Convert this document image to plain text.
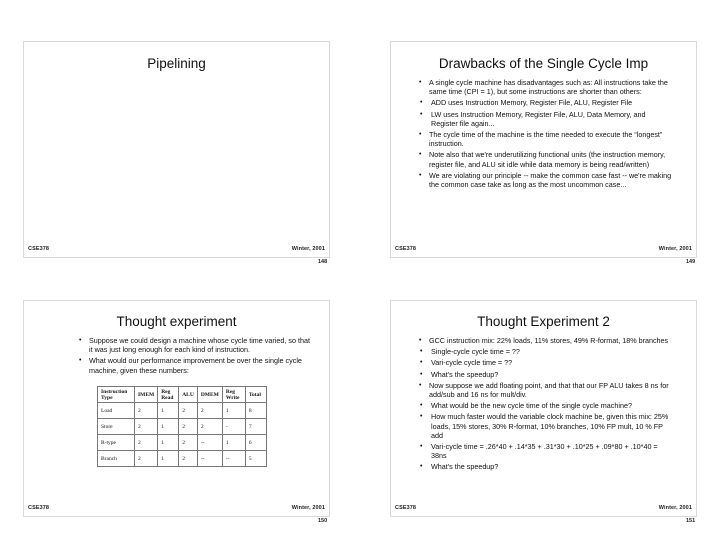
Pipelining
CSE378	Winter, 2001
148
Drawbacks of the Single Cycle Imp
• A single cycle machine has disadvantages such as: All instructions take the same time (CPI = 1), but some instructions are shorter than others:
• ADD uses Instruction Memory, Register File, ALU, Register File
• LW uses Instruction Memory, Register File, ALU, Data Memory, and Register file again...
• The cycle time of the machine is the time needed to execute the “longest” instruction.
• Note also that we're underutilizing functional units (the instruction memory, register file, and ALU sit idle while data memory is being read/written)
• We are violating our principle -- make the common case fast -- we're making the common case take as long as the most uncommon case...
CSE378	Winter, 2001
149
Thought experiment
• Suppose we could design a machine whose cycle time varied, so that it was just long enough for each kind of instruction.
• What would our performance improvement be over the single cycle machine, given these numbers:
Instruction Type	IMEM	Reg Read	ALU	DMEM	Reg Write	Total
Load	2	1	2	2	1	8
Store	2	1	2	2	-	7
R-type	2	1	2	--	1	6
Branch	2	1	2	--	--	5
CSE378	Winter, 2001
150
Thought Experiment 2
• GCC instruction mix: 22% loads, 11% stores, 49% R-format, 18% branches
• Single-cycle cycle time = ??
• Vari-cycle cycle time = ??
• What's the speedup?
• Now suppose we add floating point, and that that our FP ALU takes 8 ns for add/sub and 16 ns for mult/div.
• What would be the new cycle time of the single cycle machine?
• How much faster would the variable clock machine be, given this mix: 25% loads, 15% stores, 30% R-format, 10% branches, 10% FP mult, 10 % FP add
• Vari-cycle time = .26*40 + .14*35 + .31*30 + .10*25 + .09*80 + .10*40 = 38ns
• What's the speedup?
CSE378	Winter, 2001
151
